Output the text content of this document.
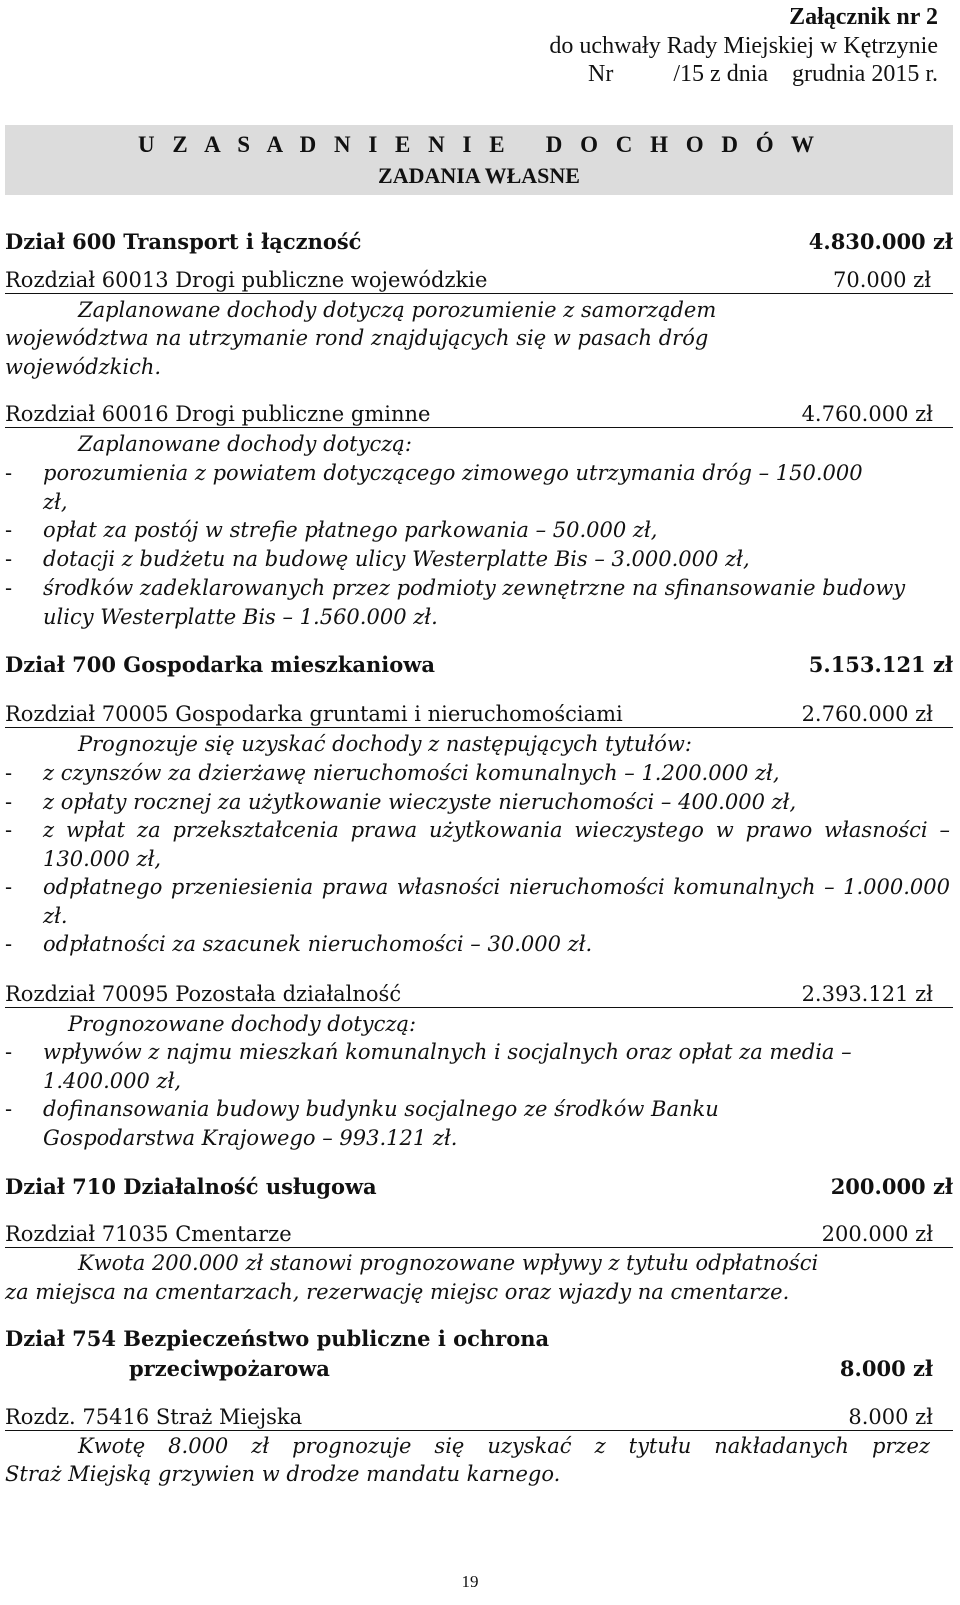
Załącznik nr 2
do uchwały Rady Miejskiej w Kętrzynie
Nr          /15 z dnia    grudnia 2015 r.
U Z A S A D N I E N I E   D O C H O D Ó W
ZADANIA WŁASNE
Dział 600 Transport i łączność	4.830.000 zł
Rozdział 60013 Drogi publiczne wojewódzkie	70.000 zł
Zaplanowane dochody dotyczą porozumienie z samorządem
województwa na utrzymanie rond znajdujących się w pasach dróg wojewódzkich.
Rozdział 60016 Drogi publiczne gminne	4.760.000 zł
Zaplanowane dochody dotyczą:
- porozumienia z powiatem dotyczącego zimowego utrzymania dróg – 150.000 zł,
- opłat za postój w strefie płatnego parkowania – 50.000 zł,
- dotacji z budżetu na budowę ulicy Westerplatte Bis – 3.000.000 zł,
- środków zadeklarowanych przez podmioty zewnętrzne na sfinansowanie budowy ulicy Westerplatte Bis – 1.560.000 zł.
Dział 700 Gospodarka mieszkaniowa	5.153.121 zł
Rozdział 70005 Gospodarka gruntami i nieruchomościami	2.760.000 zł
Prognozuje się uzyskać dochody z następujących tytułów:
- z czynszów za dzierżawę nieruchomości komunalnych – 1.200.000 zł,
- z opłaty rocznej za użytkowanie wieczyste nieruchomości – 400.000 zł,
- z wpłat za przekształcenia prawa użytkowania wieczystego w prawo własności – 130.000 zł,
- odpłatnego przeniesienia prawa własności nieruchomości komunalnych – 1.000.000 zł.
- odpłatności za szacunek nieruchomości – 30.000 zł.
Rozdział 70095 Pozostała działalność	2.393.121 zł
Prognozowane dochody dotyczą:
- wpływów z najmu mieszkań komunalnych i socjalnych oraz opłat za media – 1.400.000 zł,
- dofinansowania budowy budynku socjalnego ze środków Banku Gospodarstwa Krajowego – 993.121 zł.
Dział 710 Działalność usługowa	200.000 zł
Rozdział 71035 Cmentarze	200.000 zł
Kwota 200.000 zł stanowi prognozowane wpływy z tytułu odpłatności
za miejsca na cmentarzach, rezerwację miejsc oraz wjazdy na cmentarze.
Dział 754 Bezpieczeństwo publiczne i ochrona
przeciwpożarowa	8.000 zł
Rozdz. 75416 Straż Miejska	8.000 zł
Kwotę 8.000 zł prognozuje się uzyskać z tytułu nakładanych przez
Straż Miejską grzywien w drodze mandatu karnego.
19
